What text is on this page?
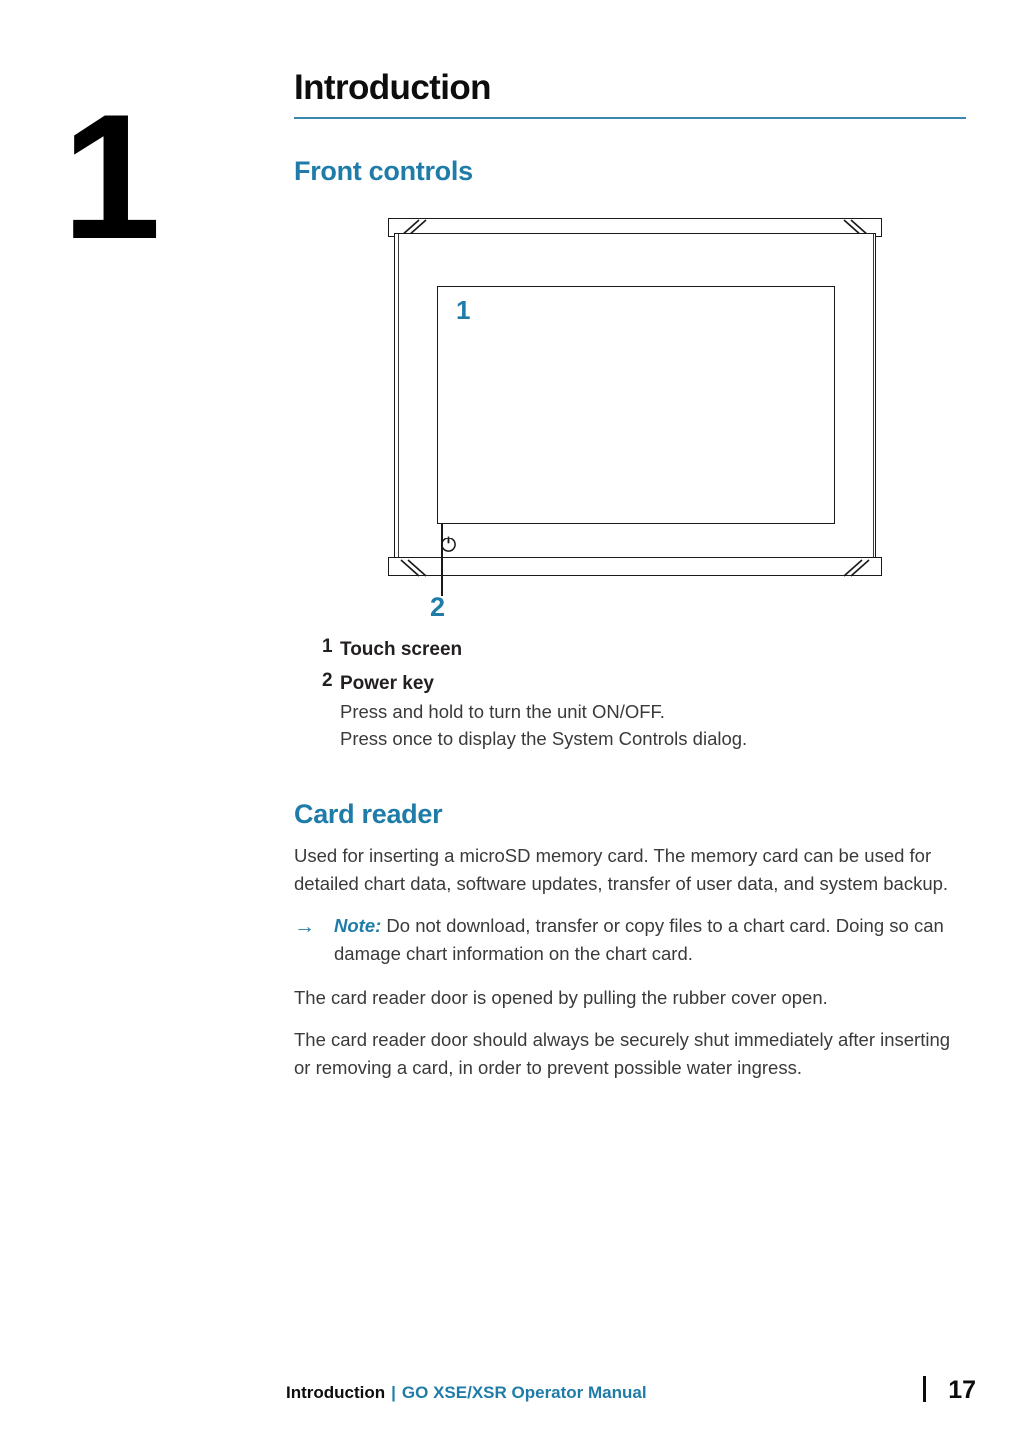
1	Introduction
Front controls
1
2
1 Touch screen
2 Power key
Press and hold to turn the unit ON/OFF.
Press once to display the System Controls dialog.
Card reader

Used for inserting a microSD memory card. The memory card can be used for detailed chart data, software updates, transfer of user data, and system backup.

→	Note: Do not download, transfer or copy files to a chart card. Doing so can damage chart information on the chart card.

The card reader door is opened by pulling the rubber cover open.

The card reader door should always be securely shut immediately after inserting or removing a card, in order to prevent possible water ingress.

Introduction | GO XSE/XSR Operator Manual	17
